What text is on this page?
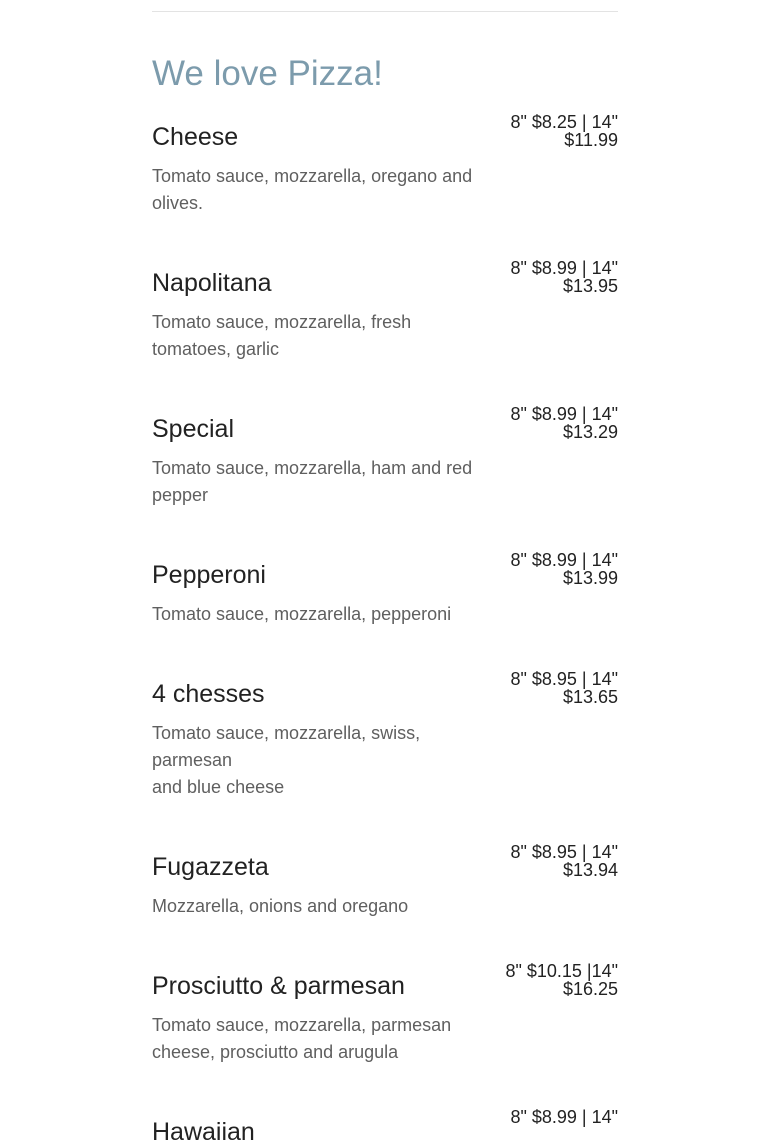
We love Pizza!
Cheese
8" $8.25 | 14"
$11.99
Tomato sauce, mozzarella, oregano and
olives.
Napolitana
8" $8.99 | 14"
$13.95
Tomato sauce, mozzarella, fresh
tomatoes, garlic
Special
8" $8.99 | 14"
$13.29
Tomato sauce, mozzarella, ham and red
pepper
Pepperoni
8" $8.99 | 14"
$13.99
Tomato sauce, mozzarella, pepperoni
4 chesses
8" $8.95 | 14"
$13.65
Tomato sauce, mozzarella, swiss,
parmesan
and blue cheese
Fugazzeta
8" $8.95 | 14"
$13.94
Mozzarella, onions and oregano
Prosciutto & parmesan
8" $10.15 |14"
$16.25
Tomato sauce, mozzarella, parmesan
cheese, prosciutto and arugula
Hawaiian
8" $8.99 | 14"
